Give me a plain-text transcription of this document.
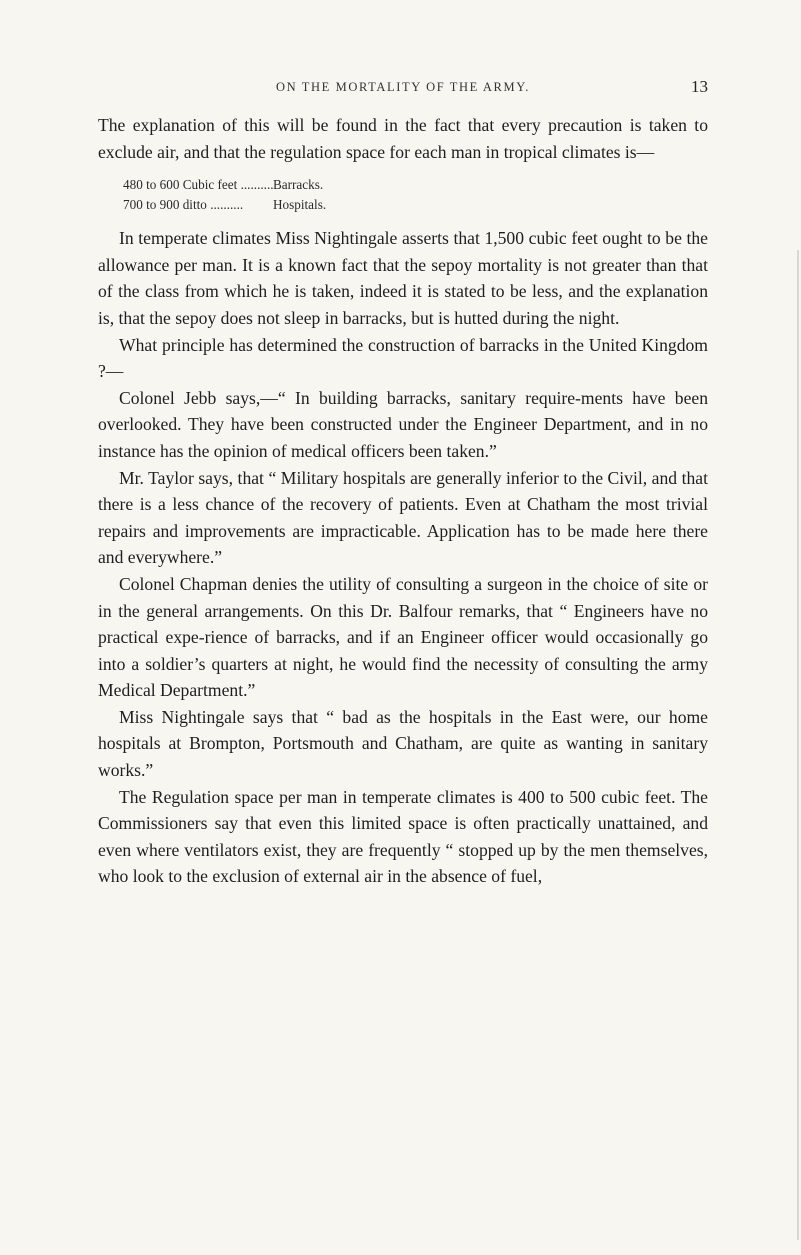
ON THE MORTALITY OF THE ARMY.	13

The explanation of this will be found in the fact that every precaution is taken to exclude air, and that the regulation space for each man in tropical climates is—

480 to 600 Cubic feet .......... Barracks.
700 to 900 ditto ..........	Hospitals.

In temperate climates Miss Nightingale asserts that 1,500 cubic feet ought to be the allowance per man. It is a known fact that the sepoy mortality is not greater than that of the class from which he is taken, indeed it is stated to be less, and the explanation is, that the sepoy does not sleep in barracks, but is hutted during the night.

What principle has determined the construction of barracks in the United Kingdom ?—

Colonel Jebb says,—“ In building barracks, sanitary require-ments have been overlooked. They have been constructed under the Engineer Department, and in no instance has the opinion of medical officers been taken.”

Mr. Taylor says, that “ Military hospitals are generally inferior to the Civil, and that there is a less chance of the recovery of patients. Even at Chatham the most trivial repairs and improvements are impracticable. Application has to be made here there and everywhere.”

Colonel Chapman denies the utility of consulting a surgeon in the choice of site or in the general arrangements. On this Dr. Balfour remarks, that “ Engineers have no practical expe-rience of barracks, and if an Engineer officer would occasionally go into a soldier’s quarters at night, he would find the necessity of consulting the army Medical Department.”

Miss Nightingale says that “ bad as the hospitals in the East were, our home hospitals at Brompton, Portsmouth and Chatham, are quite as wanting in sanitary works.”

The Regulation space per man in temperate climates is 400 to 500 cubic feet. The Commissioners say that even this limited space is often practically unattained, and even where ventilators exist, they are frequently “ stopped up by the men themselves, who look to the exclusion of external air in the absence of fuel,
